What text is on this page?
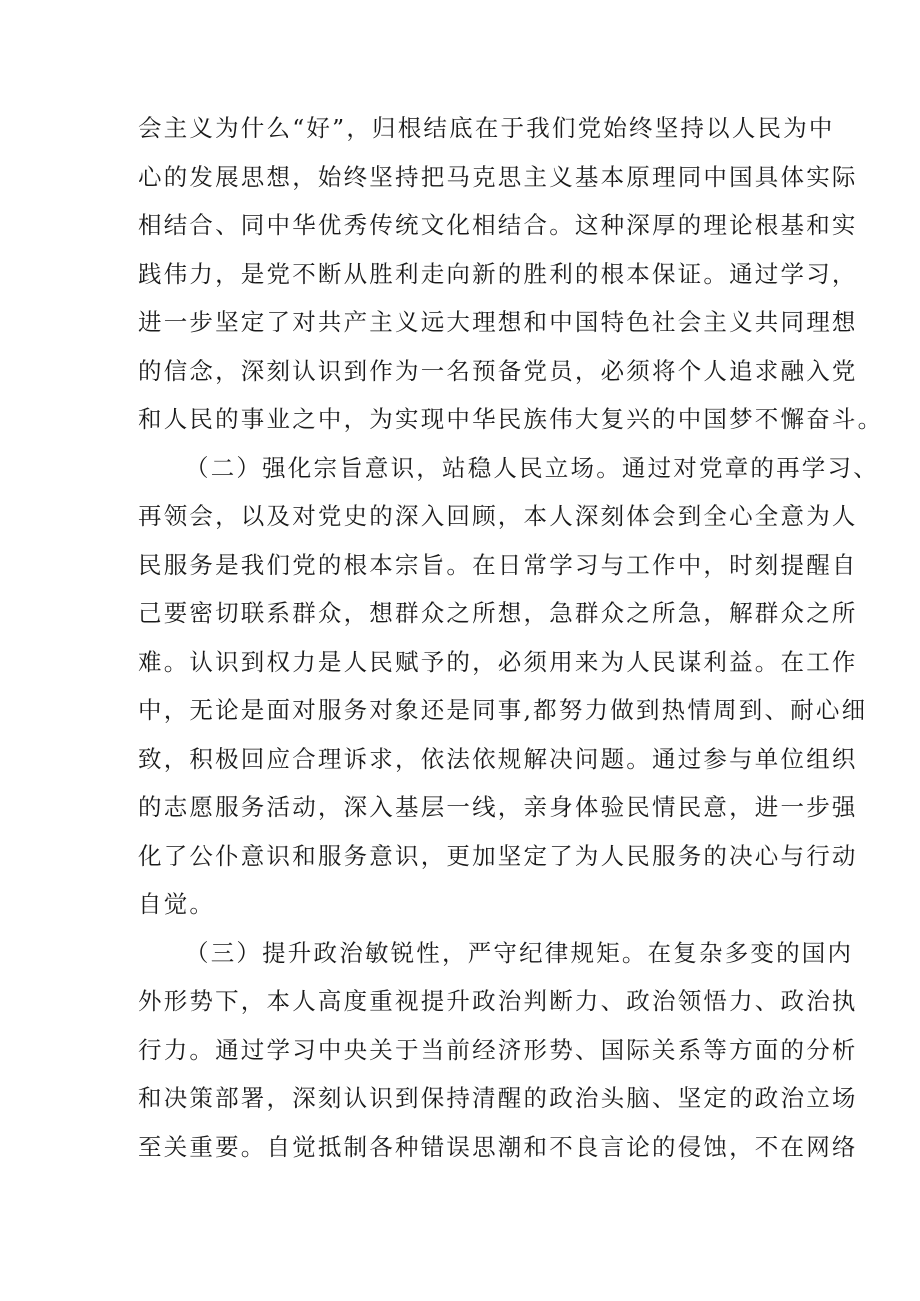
会主义为什么“好”，归根结底在于我们党始终坚持以人民为中
心的发展思想，始终坚持把马克思主义基本原理同中国具体实际
相结合、同中华优秀传统文化相结合。这种深厚的理论根基和实
践伟力，是党不断从胜利走向新的胜利的根本保证。通过学习，
进一步坚定了对共产主义远大理想和中国特色社会主义共同理想
的信念，深刻认识到作为一名预备党员，必须将个人追求融入党
和人民的事业之中，为实现中华民族伟大复兴的中国梦不懈奋斗。
（二）强化宗旨意识，站稳人民立场。通过对党章的再学习、
再领会，以及对党史的深入回顾，本人深刻体会到全心全意为人
民服务是我们党的根本宗旨。在日常学习与工作中，时刻提醒自
己要密切联系群众，想群众之所想，急群众之所急，解群众之所
难。认识到权力是人民赋予的，必须用来为人民谋利益。在工作
中，无论是面对服务对象还是同事,都努力做到热情周到、耐心细
致，积极回应合理诉求，依法依规解决问题。通过参与单位组织
的志愿服务活动，深入基层一线，亲身体验民情民意，进一步强
化了公仆意识和服务意识，更加坚定了为人民服务的决心与行动
自觉。
（三）提升政治敏锐性，严守纪律规矩。在复杂多变的国内
外形势下，本人高度重视提升政治判断力、政治领悟力、政治执
行力。通过学习中央关于当前经济形势、国际关系等方面的分析
和决策部署，深刻认识到保持清醒的政治头脑、坚定的政治立场
至关重要。自觉抵制各种错误思潮和不良言论的侵蚀，不在网络
